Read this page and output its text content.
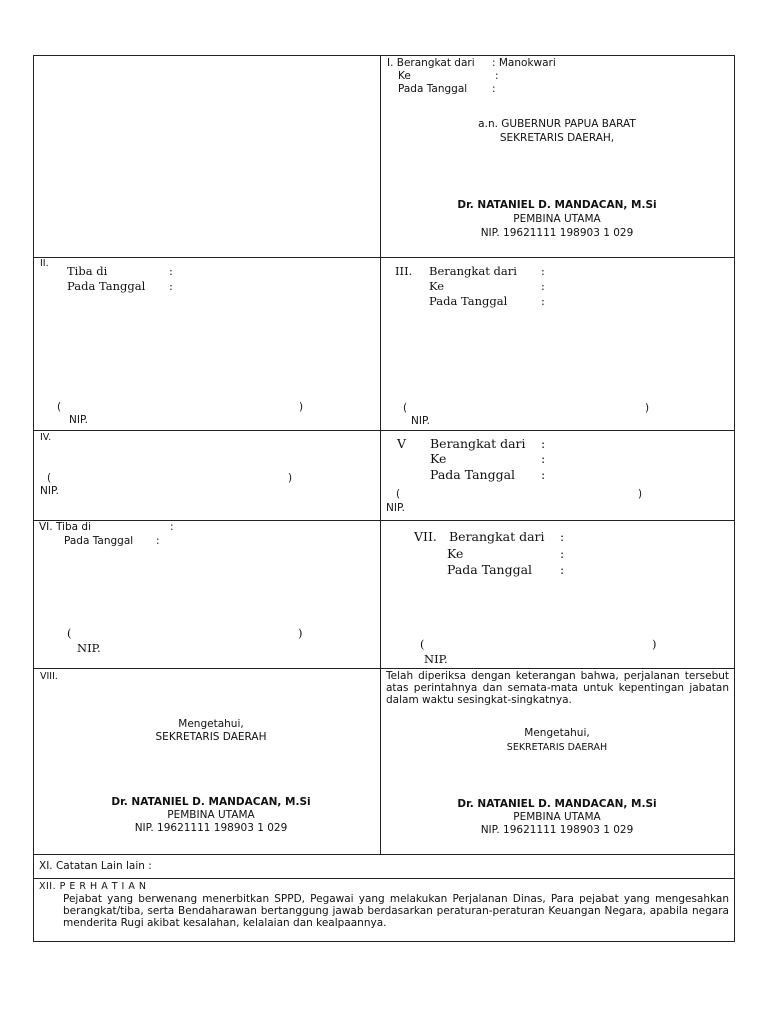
I. Berangkat dari : Manokwari
Ke	:
Pada Tanggal :
a.n. GUBERNUR PAPUA BARAT
SEKRETARIS DAERAH,
Dr. NATANIEL D. MANDACAN, M.Si
PEMBINA UTAMA
NIP. 19621111 198903 1 029
II.
Tiba di	:
Pada Tanggal :
(	)
NIP.
III. Berangkat dari :
Ke	:
Pada Tanggal	:
(	)
NIP.
IV.
(	)
NIP.
V Berangkat dari :
Ke	:
Pada Tanggal :
(	)
NIP.
VI. Tiba di	:
Pada Tanggal :
(	)
NIP.
VII. Berangkat dari :
Ke	:
Pada Tanggal :
(	)
NIP.
VIII.
Mengetahui,
SEKRETARIS DAERAH
Dr. NATANIEL D. MANDACAN, M.Si
PEMBINA UTAMA
NIP. 19621111 198903 1 029
Telah diperiksa dengan keterangan bahwa, perjalanan tersebut atas perintahnya dan semata-mata untuk kepentingan jabatan dalam waktu sesingkat-singkatnya.
Mengetahui,
SEKRETARIS DAERAH
Dr. NATANIEL D. MANDACAN, M.Si
PEMBINA UTAMA
NIP. 19621111 198903 1 029
XI. Catatan Lain lain :
XII. P E R H A T I A N
Pejabat yang berwenang menerbitkan SPPD, Pegawai yang melakukan Perjalanan Dinas, Para pejabat yang mengesahkan berangkat/tiba, serta Bendaharawan bertanggung jawab berdasarkan peraturan-peraturan Keuangan Negara, apabila negara menderita Rugi akibat kesalahan, kelalaian dan kealpaannya.
